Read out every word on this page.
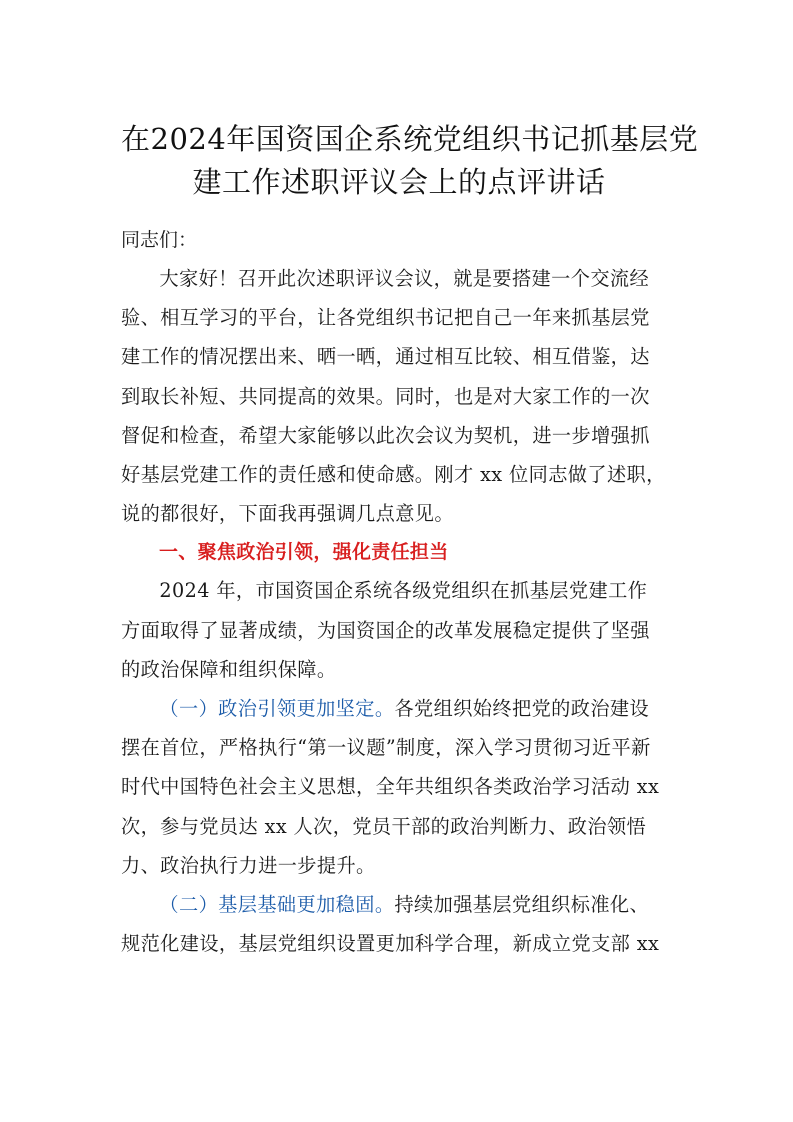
在2024年国资国企系统党组织书记抓基层党
建工作述职评议会上的点评讲话
同志们：

大家好！召开此次述职评议会议，就是要搭建一个交流经
验、相互学习的平台，让各党组织书记把自己一年来抓基层党
建工作的情况摆出来、晒一晒，通过相互比较、相互借鉴，达
到取长补短、共同提高的效果。同时，也是对大家工作的一次
督促和检查，希望大家能够以此次会议为契机，进一步增强抓
好基层党建工作的责任感和使命感。刚才 xx 位同志做了述职，
说的都很好，下面我再强调几点意见。

一、聚焦政治引领，强化责任担当

2024 年，市国资国企系统各级党组织在抓基层党建工作
方面取得了显著成绩，为国资国企的改革发展稳定提供了坚强
的政治保障和组织保障。

（一）政治引领更加坚定。各党组织始终把党的政治建设
摆在首位，严格执行“第一议题”制度，深入学习贯彻习近平新
时代中国特色社会主义思想，全年共组织各类政治学习活动 xx
次，参与党员达 xx 人次，党员干部的政治判断力、政治领悟
力、政治执行力进一步提升。

（二）基层基础更加稳固。持续加强基层党组织标准化、
规范化建设，基层党组织设置更加科学合理，新成立党支部 xx
